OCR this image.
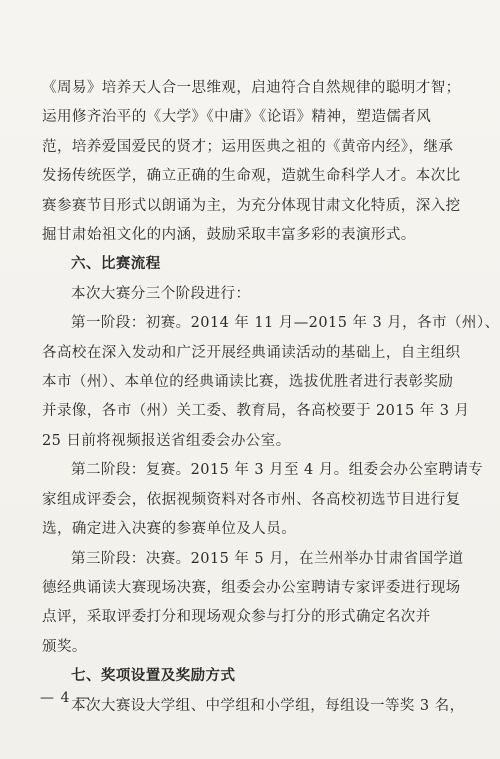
《周易》培养天人合一思维观，启迪符合自然规律的聪明才智；
运用修齐治平的《大学》《中庸》《论语》精神，塑造儒者风
范，培养爱国爱民的贤才；运用医典之祖的《黄帝内经》，继承
发扬传统医学，确立正确的生命观，造就生命科学人才。本次比
赛参赛节目形式以朗诵为主，为充分体现甘肃文化特质，深入挖
掘甘肃始祖文化的内涵，鼓励采取丰富多彩的表演形式。
六、比赛流程
本次大赛分三个阶段进行：
第一阶段：初赛。2014 年 11 月—2015 年 3 月，各市（州）、
各高校在深入发动和广泛开展经典诵读活动的基础上，自主组织
本市（州）、本单位的经典诵读比赛，选拔优胜者进行表彰奖励
并录像，各市（州）关工委、教育局，各高校要于 2015 年 3 月
25 日前将视频报送省组委会办公室。
第二阶段：复赛。2015 年 3 月至 4 月。组委会办公室聘请专
家组成评委会，依据视频资料对各市州、各高校初选节目进行复
选，确定进入决赛的参赛单位及人员。
第三阶段：决赛。2015 年 5 月，在兰州举办甘肃省国学道
德经典诵读大赛现场决赛，组委会办公室聘请专家评委进行现场
点评，采取评委打分和现场观众参与打分的形式确定名次并
颁奖。
七、奖项设置及奖励方式
本次大赛设大学组、中学组和小学组，每组设一等奖 3 名，
— 4 —
